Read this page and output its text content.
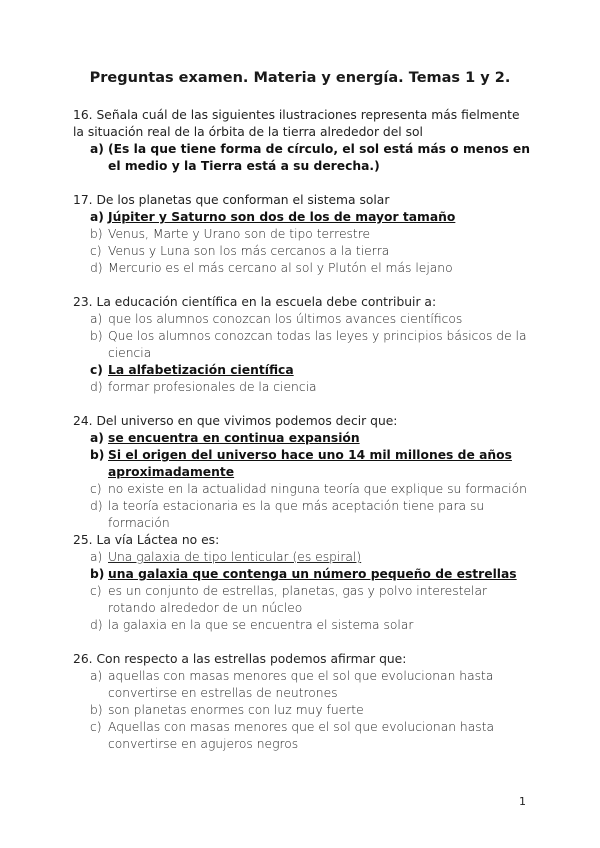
Preguntas examen. Materia y energía. Temas 1 y 2.
16. Señala cuál de las siguientes ilustraciones representa más fielmente la situación real de la órbita de la tierra alrededor del sol
a) (Es la que tiene forma de círculo, el sol está más o menos en el medio y la Tierra está a su derecha.)
17. De los planetas que conforman el sistema solar
a) Júpiter y Saturno son dos de los de mayor tamaño
b) Venus, Marte y Urano son de tipo terrestre
c) Venus y Luna son los más cercanos a la tierra
d) Mercurio es el más cercano al sol y Plutón el más lejano
23. La educación científica en la escuela debe contribuir a:
a) que los alumnos conozcan los últimos avances científicos
b) Que los alumnos conozcan todas las leyes y principios básicos de la ciencia
c) La alfabetización científica
d) formar profesionales de la ciencia
24. Del universo en que vivimos podemos decir que:
a) se encuentra en continua expansión
b) Si el origen del universo hace uno 14 mil millones de años aproximadamente
c) no existe en la actualidad ninguna teoría que explique su formación
d) la teoría estacionaria es la que más aceptación tiene para su formación
25. La vía Láctea no es:
a) Una galaxia de tipo lenticular (es espiral)
b) una galaxia que contenga un número pequeño de estrellas
c) es un conjunto de estrellas, planetas, gas y polvo interestelar rotando alrededor de un núcleo
d) la galaxia en la que se encuentra el sistema solar
26. Con respecto a las estrellas podemos afirmar que:
a) aquellas con masas menores que el sol que evolucionan hasta convertirse en estrellas de neutrones
b) son planetas enormes con luz muy fuerte
c) Aquellas con masas menores que el sol que evolucionan hasta convertirse en agujeros negros
1
